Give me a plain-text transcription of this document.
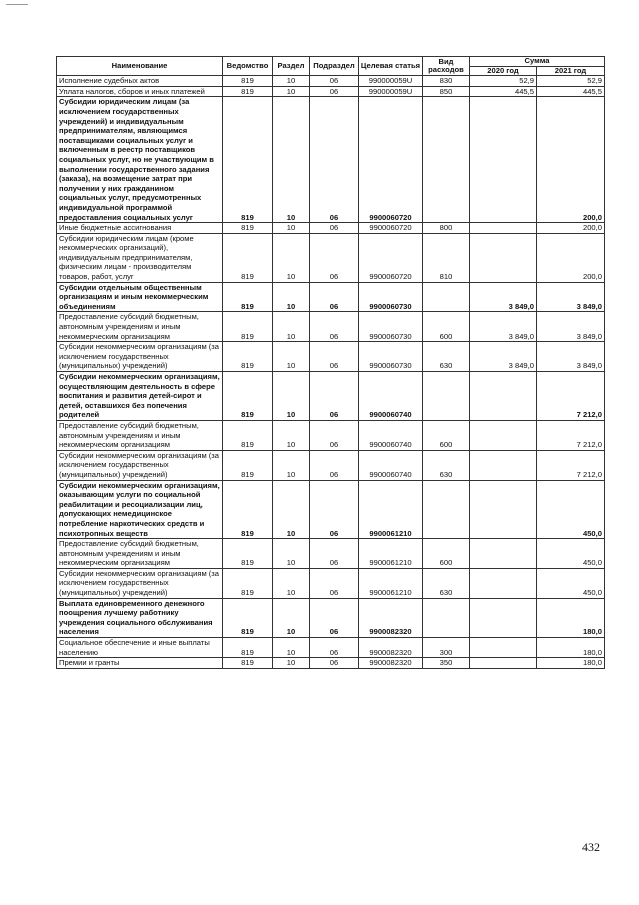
Наименование	Ведомство	Раздел	Подраздел	Целевая статья	Вид расходов	Сумма	
						2020 год	2021 год
Исполнение судебных актов	819	10	06	990000059U	830	52,9	52,9
Уплата налогов, сборов и иных платежей	819	10	06	990000059U	850	445,5	445,5
Субсидии юридическим лицам (за исключением государственных учреждений) и индивидуальным предпринимателям, являющимся поставщиками социальных услуг и включенным в реестр поставщиков социальных услуг, но не участвующим в выполнении государственного задания (заказа), на возмещение затрат при получении у них гражданином социальных услуг, предусмотренных индивидуальной программой предоставления социальных услуг	819	10	06	9900060720			200,0
Иные бюджетные ассигнования	819	10	06	9900060720	800		200,0
Субсидии юридическим лицам (кроме некоммерческих организаций), индивидуальным предпринимателям, физическим лицам - производителям товаров, работ, услуг	819	10	06	9900060720	810		200,0
Субсидии отдельным общественным организациям и иным некоммерческим объединениям	819	10	06	9900060730		3 849,0	3 849,0
Предоставление субсидий бюджетным, автономным учреждениям и иным некоммерческим организациям	819	10	06	9900060730	600	3 849,0	3 849,0
Субсидии некоммерческим организациям (за исключением государственных (муниципальных) учреждений)	819	10	06	9900060730	630	3 849,0	3 849,0
Субсидии некоммерческим организациям, осуществляющим деятельность в сфере воспитания и развития детей-сирот и детей, оставшихся без попечения родителей	819	10	06	9900060740			7 212,0
Предоставление субсидий бюджетным, автономным учреждениям и иным некоммерческим организациям	819	10	06	9900060740	600		7 212,0
Субсидии некоммерческим организациям (за исключением государственных (муниципальных) учреждений)	819	10	06	9900060740	630		7 212,0
Субсидии некоммерческим организациям, оказывающим услуги по социальной реабилитации и ресоциализации лиц, допускающих немедицинское потребление наркотических средств и психотропных веществ	819	10	06	9900061210			450,0
Предоставление субсидий бюджетным, автономным учреждениям и иным некоммерческим организациям	819	10	06	9900061210	600		450,0
Субсидии некоммерческим организациям (за исключением государственных (муниципальных) учреждений)	819	10	06	9900061210	630		450,0
Выплата единовременного денежного поощрения лучшему работнику учреждения социального обслуживания населения	819	10	06	9900082320			180,0
Социальное обеспечение и иные выплаты населению	819	10	06	9900082320	300		180,0
Премии и гранты	819	10	06	9900082320	350		180,0
432
